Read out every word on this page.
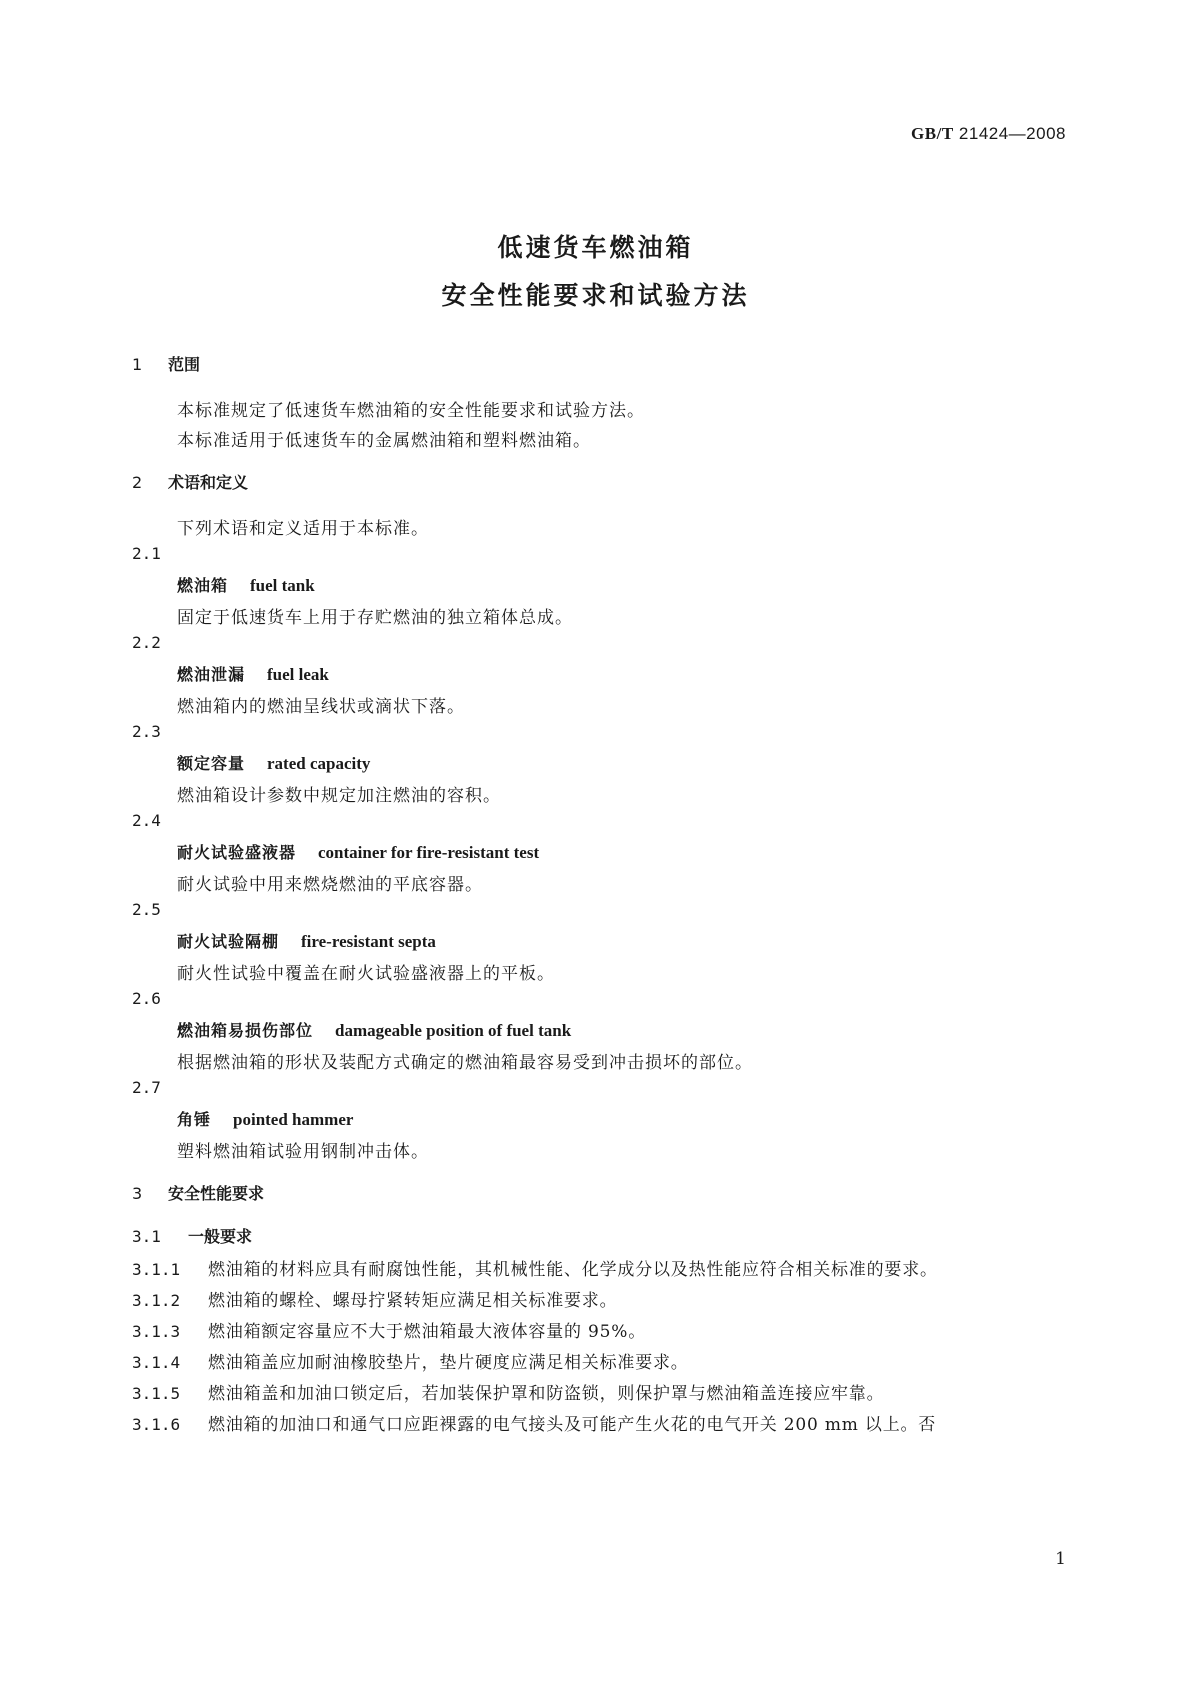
GB/T 21424—2008
低速货车燃油箱
安全性能要求和试验方法
1 范围
本标准规定了低速货车燃油箱的安全性能要求和试验方法。
本标准适用于低速货车的金属燃油箱和塑料燃油箱。
2 术语和定义
下列术语和定义适用于本标准。
2.1
燃油箱 fuel tank
固定于低速货车上用于存贮燃油的独立箱体总成。
2.2
燃油泄漏 fuel leak
燃油箱内的燃油呈线状或滴状下落。
2.3
额定容量 rated capacity
燃油箱设计参数中规定加注燃油的容积。
2.4
耐火试验盛液器 container for fire-resistant test
耐火试验中用来燃烧燃油的平底容器。
2.5
耐火试验隔棚 fire-resistant septa
耐火性试验中覆盖在耐火试验盛液器上的平板。
2.6
燃油箱易损伤部位 damageable position of fuel tank
根据燃油箱的形状及装配方式确定的燃油箱最容易受到冲击损坏的部位。
2.7
角锤 pointed hammer
塑料燃油箱试验用钢制冲击体。
3 安全性能要求
3.1 一般要求
3.1.1 燃油箱的材料应具有耐腐蚀性能，其机械性能、化学成分以及热性能应符合相关标准的要求。
3.1.2 燃油箱的螺栓、螺母拧紧转矩应满足相关标准要求。
3.1.3 燃油箱额定容量应不大于燃油箱最大液体容量的 95%。
3.1.4 燃油箱盖应加耐油橡胶垫片，垫片硬度应满足相关标准要求。
3.1.5 燃油箱盖和加油口锁定后，若加装保护罩和防盗锁，则保护罩与燃油箱盖连接应牢靠。
3.1.6 燃油箱的加油口和通气口应距裸露的电气接头及可能产生火花的电气开关 200 mm 以上。否
1
